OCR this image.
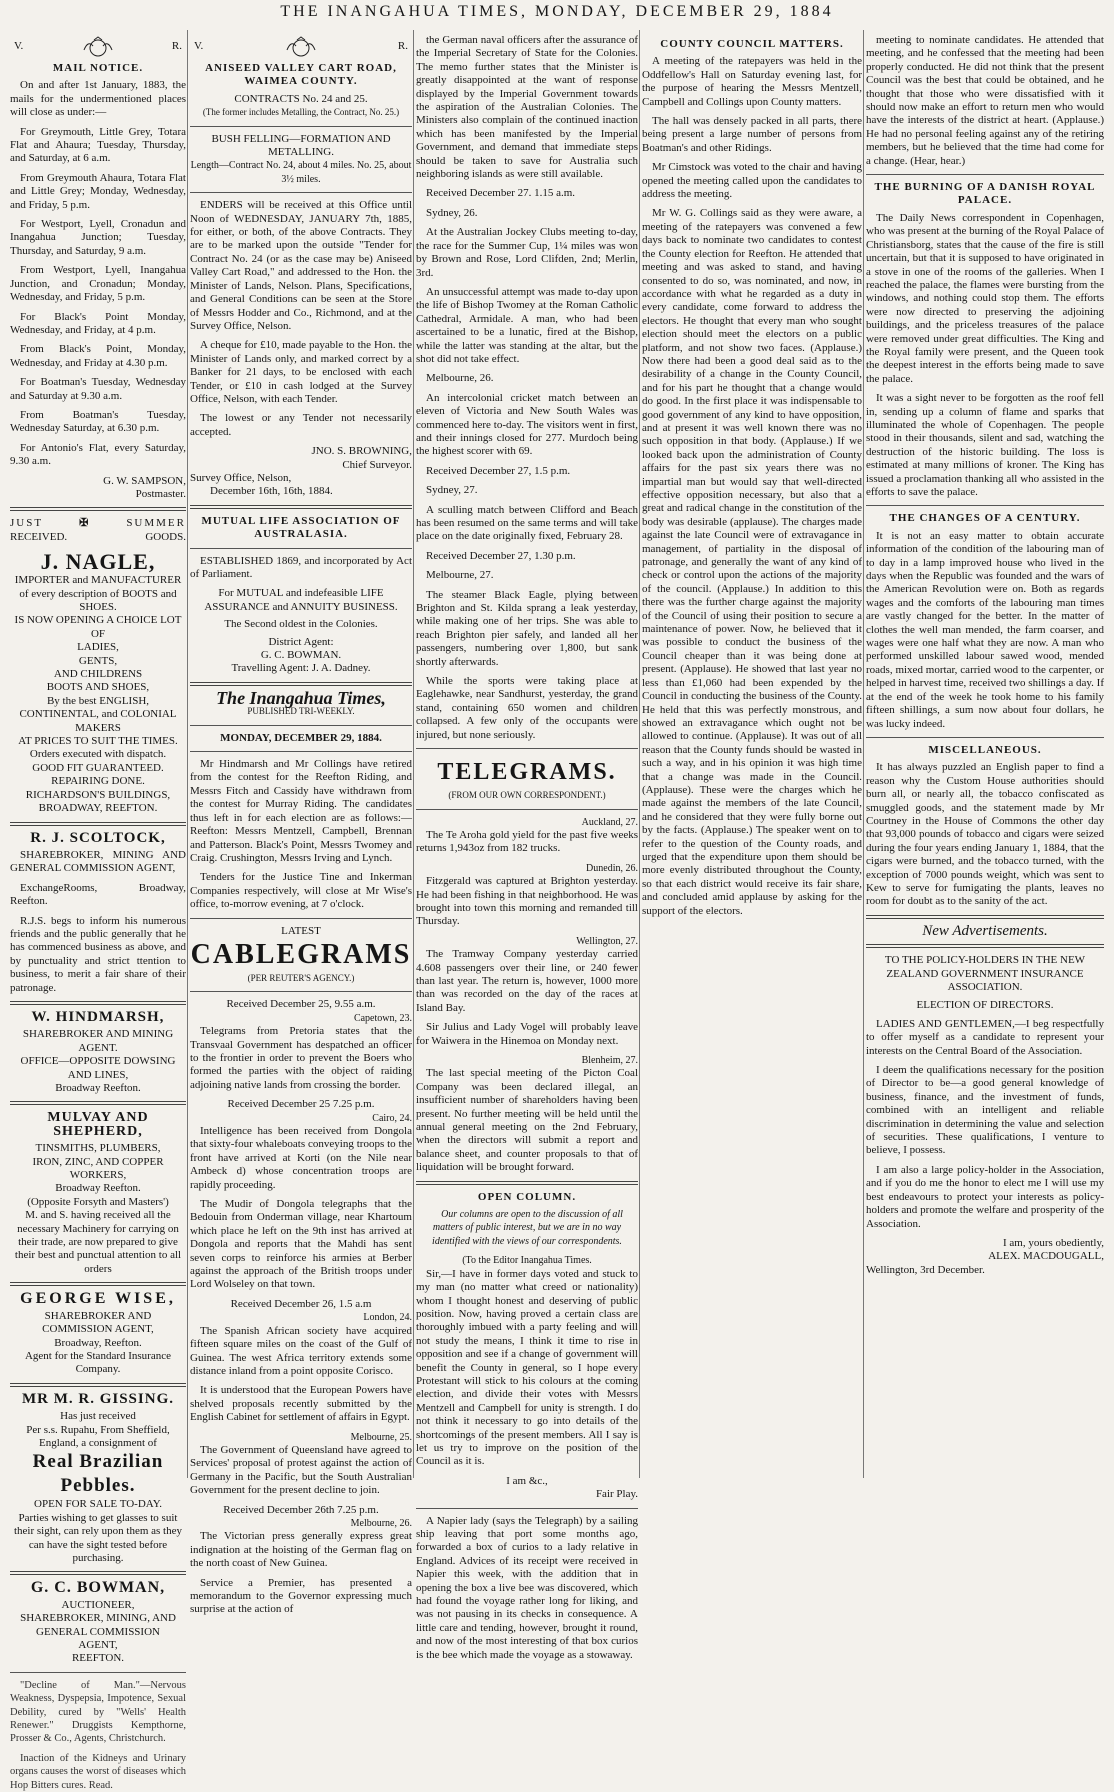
THE INANGAHUA TIMES, MONDAY, DECEMBER 29, 1884
V.	R.
MAIL NOTICE.

On and after 1st January, 1883, the mails for the undermentioned places will close as under:—

For Greymouth, Little Grey, Totara Flat and Ahaura; Tuesday, Thursday, and Saturday, at 6 a.m.

From Greymouth Ahaura, Totara Flat and Little Grey; Monday, Wednesday, and Friday, 5 p.m.

For Westport, Lyell, Cronadun and Inangahua Junction; Tuesday, Thursday, and Saturday, 9 a.m.

From Westport, Lyell, Inangahua Junction, and Cronadun; Monday, Wednesday, and Friday, 5 p.m.

For Black's Point Monday, Wednesday, and Friday, at 4 p.m.

From Black's Point, Monday, Wednesday, and Friday at 4.30 p.m.

For Boatman's Tuesday, Wednesday and Saturday at 9.30 a.m.

From Boatman's Tuesday, Wednesday Saturday, at 6.30 p.m.

For Antonio's Flat, every Saturday, 9.30 a.m.

G. W. SAMPSON,
Postmaster.
JUST	✠	SUMMER
RECEIVED.	GOODS.
J. NAGLE,
IMPORTER and MANUFACTURER of every description of BOOTS and SHOES.
IS NOW OPENING A CHOICE LOT
OF
LADIES,
GENTS,
AND CHILDRENS
BOOTS AND SHOES,
By the best ENGLISH, CONTINENTAL, and COLONIAL MAKERS
AT PRICES TO SUIT THE TIMES.
Orders executed with dispatch.
GOOD FIT GUARANTEED.
REPAIRING DONE.
RICHARDSON'S BUILDINGS,
BROADWAY, REEFTON.
R. J. SCOLTOCK,

SHAREBROKER, MINING AND GENERAL COMMISSION AGENT,

ExchangeRooms, Broadway, Reefton.

R.J.S. begs to inform his numerous friends and the public generally that he has commenced business as above, and by punctuality and strict ttention to business, to merit a fair share of their patronage.

W. HINDMARSH,
SHAREBROKER AND MINING AGENT.
OFFICE—OPPOSITE DOWSING AND LINES,
Broadway Reefton.
MULVAY AND SHEPHERD,
TINSMITHS, PLUMBERS,
IRON, ZINC, AND COPPER WORKERS,
Broadway Reefton.
(Opposite Forsyth and Masters')
M. and S. having received all the necessary Machinery for carrying on their trade, are now prepared to give their best and punctual attention to all orders
GEORGE WISE,
SHAREBROKER AND COMMISSION AGENT,
Broadway, Reefton.
Agent for the Standard Insurance Company.
MR M. R. GISSING.
Has just received
Per s.s. Rupahu, From Sheffield, England, a consignment of
Real Brazilian Pebbles.
OPEN FOR SALE TO-DAY.
Parties wishing to get glasses to suit their sight, can rely upon them as they can have the sight tested before purchasing.
G. C. BOWMAN,
AUCTIONEER,
SHAREBROKER, MINING, AND
GENERAL COMMISSION
AGENT,
REEFTON.

"Decline of Man."—Nervous Weakness, Dyspepsia, Impotence, Sexual Debility, cured by "Wells' Health Renewer." Druggists Kempthorne, Prosser & Co., Agents, Christchurch.

Inaction of the Kidneys and Urinary organs causes the worst of diseases which Hop Bitters cures. Read.

V.	R.
ANISEED VALLEY CART ROAD, WAIMEA COUNTY.
CONTRACTS No. 24 and 25.
(The former includes Metalling, the Contract, No. 25.)
BUSH FELLING—FORMATION AND METALLING.
Length—Contract No. 24, about 4 miles. No. 25, about 3½ miles.

ENDERS will be received at this Office until Noon of WEDNESDAY, JANUARY 7th, 1885, for either, or both, of the above Contracts. They are to be marked upon the outside "Tender for Contract No. 24 (or as the case may be) Aniseed Valley Cart Road," and addressed to the Hon. the Minister of Lands, Nelson. Plans, Specifications, and General Conditions can be seen at the Store of Messrs Hodder and Co., Richmond, and at the Survey Office, Nelson.

A cheque for £10, made payable to the Hon. the Minister of Lands only, and marked correct by a Banker for 21 days, to be enclosed with each Tender, or £10 in cash lodged at the Survey Office, Nelson, with each Tender.

The lowest or any Tender not necessarily accepted.

JNO. S. BROWNING,
Chief Surveyor.
Survey Office, Nelson,
December 16th, 16th, 1884.
MUTUAL LIFE ASSOCIATION OF AUSTRALASIA.

ESTABLISHED 1869, and incorporated by Act of Parliament.

For MUTUAL and indefeasible LIFE ASSURANCE and ANNUITY BUSINESS.
The Second oldest in the Colonies.
District Agent:
G. C. BOWMAN.
Travelling Agent: J. A. Dadney.
The Inangahua Times,
PUBLISHED TRI-WEEKLY.
MONDAY, DECEMBER 29, 1884.

Mr Hindmarsh and Mr Collings have retired from the contest for the Reefton Riding, and Messrs Fitch and Cassidy have withdrawn from the contest for Murray Riding. The candidates thus left in for each election are as follows:— Reefton: Messrs Mentzell, Campbell, Brennan and Patterson. Black's Point, Messrs Twomey and Craig. Crushington, Messrs Irving and Lynch.

Tenders for the Justice Tine and Inkerman Companies respectively, will close at Mr Wise's office, to-morrow evening, at 7 o'clock.

LATEST
CABLEGRAMS
(PER REUTER'S AGENCY.)
Received December 25, 9.55 a.m.
Capetown, 23.

Telegrams from Pretoria states that the Transvaal Government has despatched an officer to the frontier in order to prevent the Boers who formed the parties with the object of raiding adjoining native lands from crossing the border.

Received December 25 7.25 p.m.
Cairo, 24.

Intelligence has been received from Dongola that sixty-four whaleboats conveying troops to the front have arrived at Korti (on the Nile near Ambeck d) whose concentration troops are rapidly proceeding.

The Mudir of Dongola telegraphs that the Bedouin from Onderman village, near Khartoum which place he left on the 9th inst has arrived at Dongola and reports that the Mahdi has sent seven corps to reinforce his armies at Berber against the approach of the British troops under Lord Wolseley on that town.

Received December 26, 1.5 a.m
London, 24.

The Spanish African society have acquired fifteen square miles on the coast of the Gulf of Guinea. The west Africa territory extends some distance inland from a point opposite Corisco.

It is understood that the European Powers have shelved proposals recently submitted by the English Cabinet for settlement of affairs in Egypt.

Melbourne, 25.

The Government of Queensland have agreed to Services' proposal of protest against the action of Germany in the Pacific, but the South Australian Government for the present decline to join.

Received December 26th 7.25 p.m.
Melbourne, 26.

The Victorian press generally express great indignation at the hoisting of the German flag on the north coast of New Guinea.

Service a Premier, has presented a memorandum to the Governor expressing much surprise at the action of

the German naval officers after the assurance of the Imperial Secretary of State for the Colonies. The memo further states that the Minister is greatly disappointed at the want of response displayed by the Imperial Government towards the aspiration of the Australian Colonies. The Ministers also complain of the continued inaction which has been manifested by the Imperial Government, and demand that immediate steps should be taken to save for Australia such neighboring islands as were still available.

Received December 27. 1.15 a.m.

Sydney, 26.

At the Australian Jockey Clubs meeting to-day, the race for the Summer Cup, 1¼ miles was won by Brown and Rose, Lord Clifden, 2nd; Merlin, 3rd.

An unsuccessful attempt was made to-day upon the life of Bishop Twomey at the Roman Catholic Cathedral, Armidale. A man, who had been ascertained to be a lunatic, fired at the Bishop, while the latter was standing at the altar, but the shot did not take effect.

Melbourne, 26.

An intercolonial cricket match between an eleven of Victoria and New South Wales was commenced here to-day. The visitors went in first, and their innings closed for 277. Murdoch being the highest scorer with 69.

Received December 27, 1.5 p.m.

Sydney, 27.

A sculling match between Clifford and Beach has been resumed on the same terms and will take place on the date originally fixed, February 28.

Received December 27, 1.30 p.m.

Melbourne, 27.

The steamer Black Eagle, plying between Brighton and St. Kilda sprang a leak yesterday, while making one of her trips. She was able to reach Brighton pier safely, and landed all her passengers, numbering over 1,800, but sank shortly afterwards.

While the sports were taking place at Eaglehawke, near Sandhurst, yesterday, the grand stand, containing 650 women and children collapsed. A few only of the occupants were injured, but none seriously.

TELEGRAMS.
(FROM OUR OWN CORRESPONDENT.)
Auckland, 27.

The Te Aroha gold yield for the past five weeks returns 1,943oz from 182 trucks.

Dunedin, 26.

Fitzgerald was captured at Brighton yesterday. He had been fishing in that neighborhood. He was brought into town this morning and remanded till Thursday.

Wellington, 27.

The Tramway Company yesterday carried 4.608 passengers over their line, or 240 fewer than last year. The return is, however, 1000 more than was recorded on the day of the races at Island Bay.

Sir Julius and Lady Vogel will probably leave for Waiwera in the Hinemoa on Monday next.

Blenheim, 27.

The last special meeting of the Picton Coal Company was been declared illegal, an insufficient number of shareholders having been present. No further meeting will be held until the annual general meeting on the 2nd February, when the directors will submit a report and balance sheet, and counter proposals to that of liquidation will be brought forward.

OPEN COLUMN.

Our columns are open to the discussion of all matters of public interest, but we are in no way identified with the views of our correspondents.

(To the Editor Inangahua Times.

Sir,—I have in former days voted and stuck to my man (no matter what creed or nationality) whom I thought honest and deserving of public position. Now, having proved a certain class are thoroughly imbued with a party feeling and will not study the means, I think it time to rise in opposition and see if a change of government will benefit the County in general, so I hope every Protestant will stick to his colours at the coming election, and divide their votes with Messrs Mentzell and Campbell for unity is strength. I do not think it necessary to go into details of the shortcomings of the present members. All I say is let us try to improve on the position of the Council as it is.

I am &c.,
Fair Play.

A Napier lady (says the Telegraph) by a sailing ship leaving that port some months ago, forwarded a box of curios to a lady relative in England. Advices of its receipt were received in Napier this week, with the addition that in opening the box a live bee was discovered, which had found the voyage rather long for liking, and was not pausing in its checks in consequence. A little care and tending, however, brought it round, and now of the most interesting of that box curios is the bee which made the voyage as a stowaway.

COUNTY COUNCIL MATTERS.

A meeting of the ratepayers was held in the Oddfellow's Hall on Saturday evening last, for the purpose of hearing the Messrs Mentzell, Campbell and Collings upon County matters.

The hall was densely packed in all parts, there being present a large number of persons from Boatman's and other Ridings.

Mr Cimstock was voted to the chair and having opened the meeting called upon the candidates to address the meeting.

Mr W. G. Collings said as they were aware, a meeting of the ratepayers was convened a few days back to nominate two candidates to contest the County election for Reefton. He attended that meeting and was asked to stand, and having consented to do so, was nominated, and now, in accordance with what he regarded as a duty in every candidate, come forward to address the electors. He thought that every man who sought election should meet the electors on a public platform, and not show two faces. (Applause.) Now there had been a good deal said as to the desirability of a change in the County Council, and for his part he thought that a change would do good. In the first place it was indispensable to good government of any kind to have opposition, and at present it was well known there was no such opposition in that body. (Applause.) If we looked back upon the administration of County affairs for the past six years there was no impartial man but would say that well-directed effective opposition necessary, but also that a great and radical change in the constitution of the body was desirable (applause). The charges made against the late Council were of extravagance in management, of partiality in the disposal of patronage, and generally the want of any kind of check or control upon the actions of the majority of the council. (Applause.) In addition to this there was the further charge against the majority of the Council of using their position to secure a maintenance of power. Now, he believed that it was possible to conduct the business of the Council cheaper than it was being done at present. (Applause). He showed that last year no less than £1,060 had been expended by the Council in conducting the business of the County. He held that this was perfectly monstrous, and showed an extravagance which ought not be allowed to continue. (Applause). It was out of all reason that the County funds should be wasted in such a way, and in his opinion it was high time that a change was made in the Council. (Applause). These were the charges which he made against the members of the late Council, and he considered that they were fully borne out by the facts. (Applause.) The speaker went on to refer to the question of the County roads, and urged that the expenditure upon them should be more evenly distributed throughout the County, so that each district would receive its fair share, and concluded amid applause by asking for the support of the electors.

meeting to nominate candidates. He attended that meeting, and he confessed that the meeting had been properly conducted. He did not think that the present Council was the best that could be obtained, and he thought that those who were dissatisfied with it should now make an effort to return men who would have the interests of the district at heart. (Applause.) He had no personal feeling against any of the retiring members, but he believed that the time had come for a change. (Hear, hear.)

THE BURNING OF A DANISH ROYAL PALACE.

The Daily News correspondent in Copenhagen, who was present at the burning of the Royal Palace of Christiansborg, states that the cause of the fire is still uncertain, but that it is supposed to have originated in a stove in one of the rooms of the galleries. When I reached the palace, the flames were bursting from the windows, and nothing could stop them. The efforts were now directed to preserving the adjoining buildings, and the priceless treasures of the palace were removed under great difficulties. The King and the Royal family were present, and the Queen took the deepest interest in the efforts being made to save the palace.

It was a sight never to be forgotten as the roof fell in, sending up a column of flame and sparks that illuminated the whole of Copenhagen. The people stood in their thousands, silent and sad, watching the destruction of the historic building. The loss is estimated at many millions of kroner. The King has issued a proclamation thanking all who assisted in the efforts to save the palace.

THE CHANGES OF A CENTURY.

It is not an easy matter to obtain accurate information of the condition of the labouring man of to day in a lamp improved house who lived in the days when the Republic was founded and the wars of the American Revolution were on. Both as regards wages and the comforts of the labouring man times are vastly changed for the better. In the matter of clothes the well man mended, the farm coarser, and wages were one half what they are now. A man who performed unskilled labour sawed wood, mended roads, mixed mortar, carried wood to the carpenter, or helped in harvest time, received two shillings a day. If at the end of the week he took home to his family fifteen shillings, a sum now about four dollars, he was lucky indeed.

MISCELLANEOUS.

It has always puzzled an English paper to find a reason why the Custom House authorities should burn all, or nearly all, the tobacco confiscated as smuggled goods, and the statement made by Mr Courtney in the House of Commons the other day that 93,000 pounds of tobacco and cigars were seized during the four years ending January 1, 1884, that the cigars were burned, and the tobacco turned, with the exception of 7000 pounds weight, which was sent to Kew to serve for fumigating the plants, leaves no room for doubt as to the sanity of the act.

New Advertisements.
TO THE POLICY-HOLDERS IN THE NEW ZEALAND GOVERNMENT INSURANCE ASSOCIATION.
ELECTION OF DIRECTORS.

LADIES AND GENTLEMEN,—I beg respectfully to offer myself as a candidate to represent your interests on the Central Board of the Association.

I deem the qualifications necessary for the position of Director to be—a good general knowledge of business, finance, and the investment of funds, combined with an intelligent and reliable discrimination in determining the value and selection of securities. These qualifications, I venture to believe, I possess.

I am also a large policy-holder in the Association, and if you do me the honor to elect me I will use my best endeavours to protect your interests as policy-holders and promote the welfare and prosperity of the Association.

I am, yours obediently,
ALEX. MACDOUGALL,
Wellington, 3rd December.
